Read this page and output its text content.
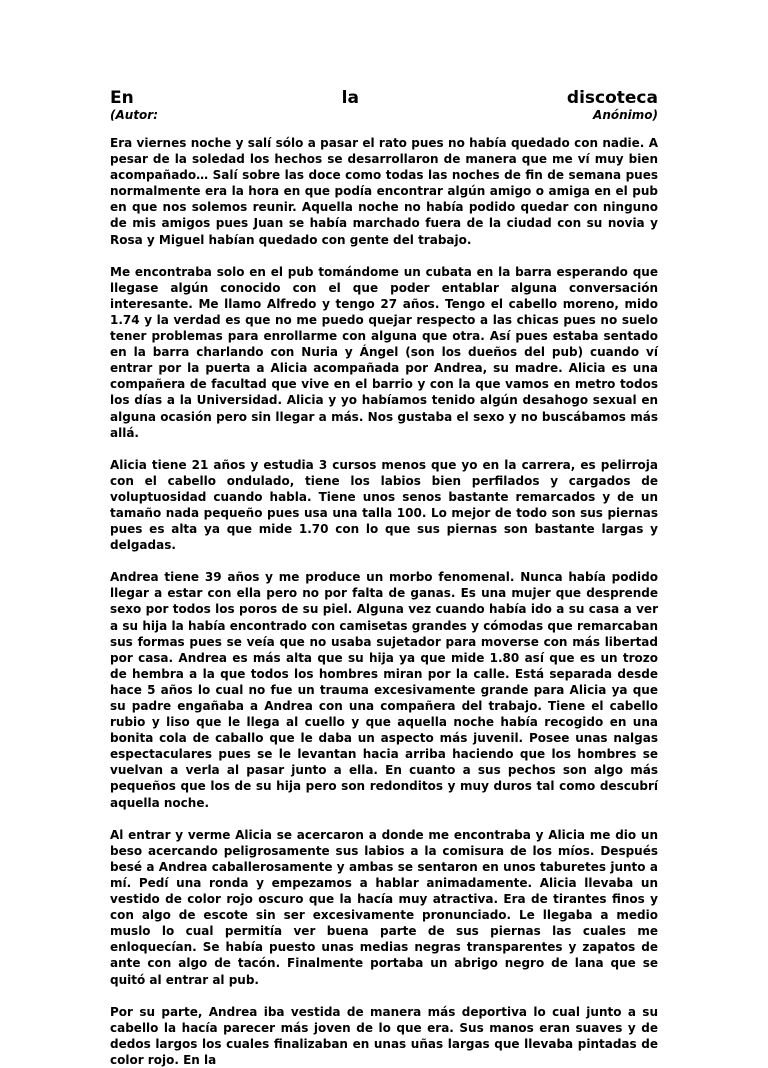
En	la	discoteca
(Autor:	Anónimo)

Era viernes noche y salí sólo a pasar el rato pues no había quedado con nadie. A pesar de la soledad los hechos se desarrollaron de manera que me ví muy bien acompañado… Salí sobre las doce como todas las noches de fin de semana pues normalmente era la hora en que podía encontrar algún amigo o amiga en el pub en que nos solemos reunir. Aquella noche no había podido quedar con ninguno de mis amigos pues Juan se había marchado fuera de la ciudad con su novia y Rosa y Miguel habían quedado con gente del trabajo.

Me encontraba solo en el pub tomándome un cubata en la barra esperando que llegase algún conocido con el que poder entablar alguna conversación interesante. Me llamo Alfredo y tengo 27 años. Tengo el cabello moreno, mido 1.74 y la verdad es que no me puedo quejar respecto a las chicas pues no suelo tener problemas para enrollarme con alguna que otra. Así pues estaba sentado en la barra charlando con Nuria y Ángel (son los dueños del pub) cuando ví entrar por la puerta a Alicia acompañada por Andrea, su madre. Alicia es una compañera de facultad que vive en el barrio y con la que vamos en metro todos los días a la Universidad. Alicia y yo habíamos tenido algún desahogo sexual en alguna ocasión pero sin llegar a más. Nos gustaba el sexo y no buscábamos más allá.

Alicia tiene 21 años y estudia 3 cursos menos que yo en la carrera, es pelirroja con el cabello ondulado, tiene los labios bien perfilados y cargados de voluptuosidad cuando habla. Tiene unos senos bastante remarcados y de un tamaño nada pequeño pues usa una talla 100. Lo mejor de todo son sus piernas pues es alta ya que mide 1.70 con lo que sus piernas son bastante largas y delgadas.

Andrea tiene 39 años y me produce un morbo fenomenal. Nunca había podido llegar a estar con ella pero no por falta de ganas. Es una mujer que desprende sexo por todos los poros de su piel. Alguna vez cuando había ido a su casa a ver a su hija la había encontrado con camisetas grandes y cómodas que remarcaban sus formas pues se veía que no usaba sujetador para moverse con más libertad por casa. Andrea es más alta que su hija ya que mide 1.80 así que es un trozo de hembra a la que todos los hombres miran por la calle. Está separada desde hace 5 años lo cual no fue un trauma excesivamente grande para Alicia ya que su padre engañaba a Andrea con una compañera del trabajo. Tiene el cabello rubio y liso que le llega al cuello y que aquella noche había recogido en una bonita cola de caballo que le daba un aspecto más juvenil. Posee unas nalgas espectaculares pues se le levantan hacia arriba haciendo que los hombres se vuelvan a verla al pasar junto a ella. En cuanto a sus pechos son algo más pequeños que los de su hija pero son redonditos y muy duros tal como descubrí aquella noche.

Al entrar y verme Alicia se acercaron a donde me encontraba y Alicia me dio un beso acercando peligrosamente sus labios a la comisura de los míos. Después besé a Andrea caballerosamente y ambas se sentaron en unos taburetes junto a mí. Pedí una ronda y empezamos a hablar animadamente. Alicia llevaba un vestido de color rojo oscuro que la hacía muy atractiva. Era de tirantes finos y con algo de escote sin ser excesivamente pronunciado. Le llegaba a medio muslo lo cual permitía ver buena parte de sus piernas las cuales me enloquecían. Se había puesto unas medias negras transparentes y zapatos de ante con algo de tacón. Finalmente portaba un abrigo negro de lana que se quitó al entrar al pub.

Por su parte, Andrea iba vestida de manera más deportiva lo cual junto a su cabello la hacía parecer más joven de lo que era. Sus manos eran suaves y de dedos largos los cuales finalizaban en unas uñas largas que llevaba pintadas de color rojo. En la
